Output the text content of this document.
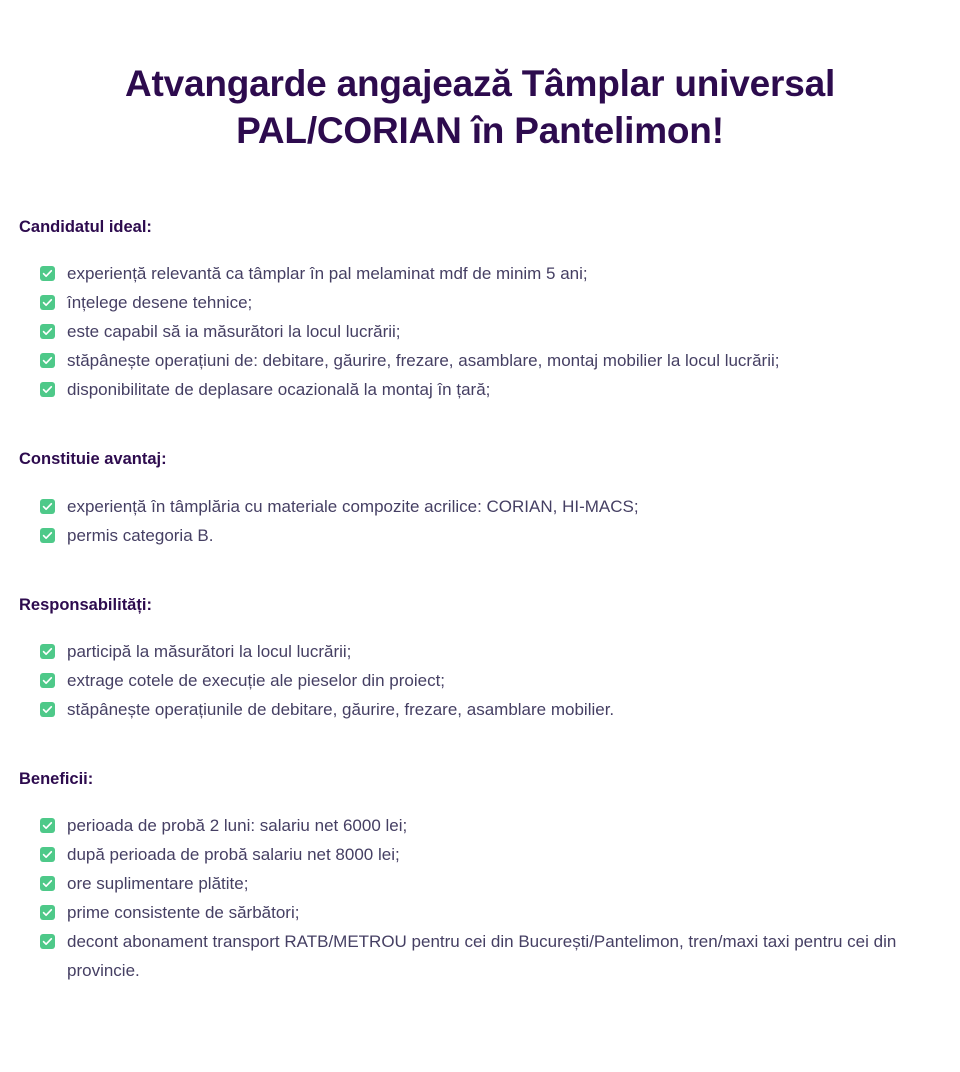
Atvangarde angajează Tâmplar universal PAL/CORIAN în Pantelimon!
Candidatul ideal:
experiență relevantă ca tâmplar în pal melaminat mdf de minim 5 ani;
înțelege desene tehnice;
este capabil să ia măsurători la locul lucrării;
stăpânește operațiuni de: debitare, găurire, frezare, asamblare, montaj mobilier la locul lucrării;
disponibilitate de deplasare ocazională la montaj în țară;
Constituie avantaj:
experiență în tâmplăria cu materiale compozite acrilice: CORIAN, HI-MACS;
permis categoria B.
Responsabilități:
participă la măsurători la locul lucrării;
extrage cotele de execuție ale pieselor din proiect;
stăpânește operațiunile de debitare, găurire, frezare, asamblare mobilier.
Beneficii:
perioada de probă 2 luni: salariu net 6000 lei;
după perioada de probă salariu net 8000 lei;
ore suplimentare plătite;
prime consistente de sărbători;
decont abonament transport RATB/METROU pentru cei din București/Pantelimon, tren/maxi taxi pentru cei din provincie.
